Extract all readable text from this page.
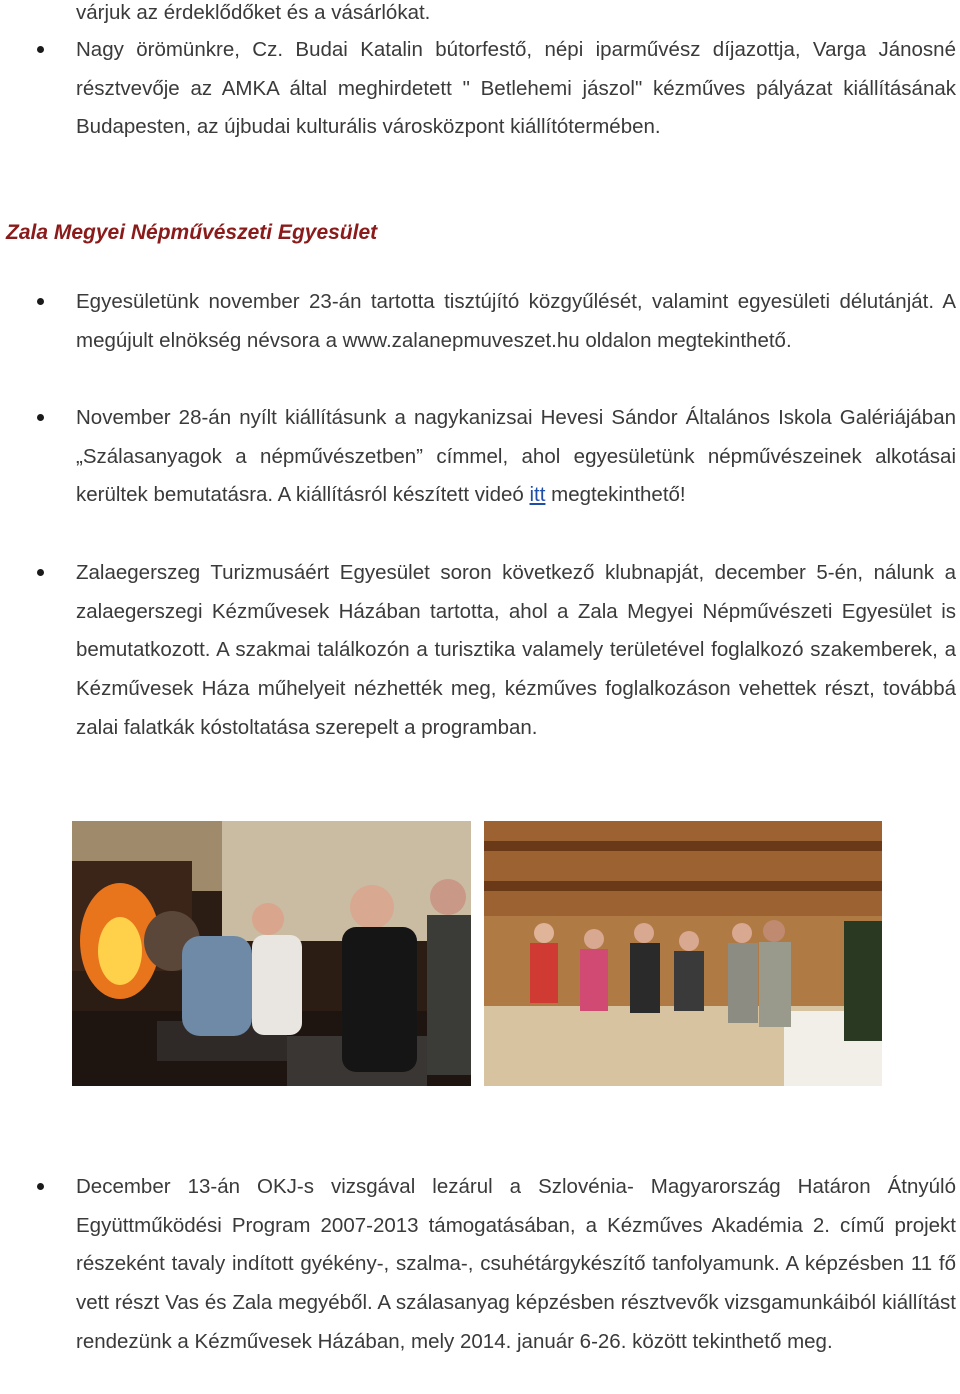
várjuk az érdeklődőket és a vásárlókat.
Nagy örömünkre, Cz. Budai Katalin bútorfestő, népi iparművész díjazottja, Varga Jánosné résztvevője az AMKA által meghirdetett " Betlehemi jászol" kézműves pályázat kiállításának Budapesten, az újbudai kulturális városközpont kiállítótermében.
Zala Megyei Népművészeti Egyesület
Egyesületünk november 23-án tartotta tisztújító közgyűlését, valamint egyesületi délutánját. A megújult elnökség névsora a www.zalanepmuveszet.hu oldalon megtekinthető.
November 28-án nyílt kiállításunk a nagykanizsai Hevesi Sándor Általános Iskola Galériájában „Szálasanyagok a népművészetben” címmel, ahol egyesületünk népművészeinek alkotásai kerültek bemutatásra. A kiállításról készített videó itt megtekinthető!
Zalaegerszeg Turizmusáért Egyesület soron következő klubnapját, december 5-én, nálunk a zalaegerszegi Kézművesek Házában tartotta, ahol a Zala Megyei Népművészeti Egyesület is bemutatkozott. A szakmai találkozón a turisztika valamely területével foglalkozó szakemberek, a Kézművesek Háza műhelyeit nézhették meg, kézműves foglalkozáson vehettek részt, továbbá zalai falatkák kóstoltatása szerepelt a programban.
December 13-án OKJ-s vizsgával lezárul a Szlovénia- Magyarország Határon Átnyúló Együttműködési Program 2007-2013 támogatásában, a Kézműves Akadémia 2. című projekt részeként tavaly indított gyékény-, szalma-, csuhétárgykészítő tanfolyamunk. A képzésben 11 fő vett részt Vas és Zala megyéből. A szálasanyag képzésben résztvevők vizsgamunkáiból kiállítást rendezünk a Kézművesek Házában, mely 2014. január 6-26. között tekinthető meg.
